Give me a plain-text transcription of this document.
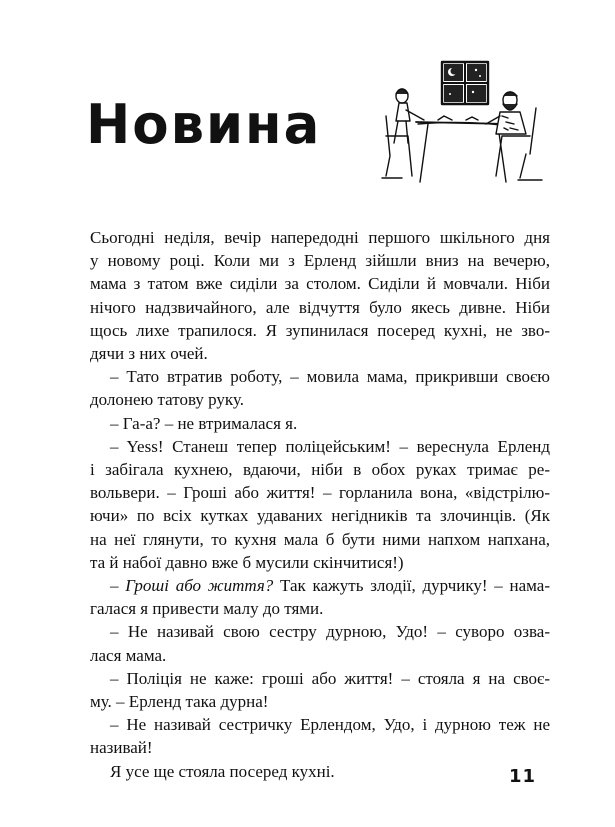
Новина

Сьогодні неділя, вечір напередодні першого шкільного дня
у новому році. Коли ми з Ерленд зійшли вниз на вечерю,
мама з татом вже сиділи за столом. Сиділи й мовчали. Ніби
нічого надзвичайного, але відчуття було якесь дивне. Ніби
щось лихе трапилося. Я зупинилася посеред кухні, не зво-
дячи з них очей.

– Тато втратив роботу, – мовила мама, прикривши своєю
долонею татову руку.

– Га-а? – не втрималася я.

– Yess! Станеш тепер поліцейським! – вереснула Ерленд
і забігала кухнею, вдаючи, ніби в обох руках тримає ре-
вольвери. – Гроші або життя! – горланила вона, «відстрілю-
ючи» по всіх кутках удаваних негідників та злочинців. (Як
на неї глянути, то кухня мала б бути ними напхом напхана,
та й набої давно вже б мусили скінчитися!)

– Гроші або життя? Так кажуть злодії, дурчику! – нама-
галася я привести малу до тями.

– Не називай свою сестру дурною, Удо! – суворо озва-
лася мама.

– Поліція не каже: гроші або життя! – стояла я на своє-
му. – Ерленд така дурна!

– Не називай сестричку Ерлендом, Удо, і дурною теж не
називай!

Я усе ще стояла посеред кухні.	11
